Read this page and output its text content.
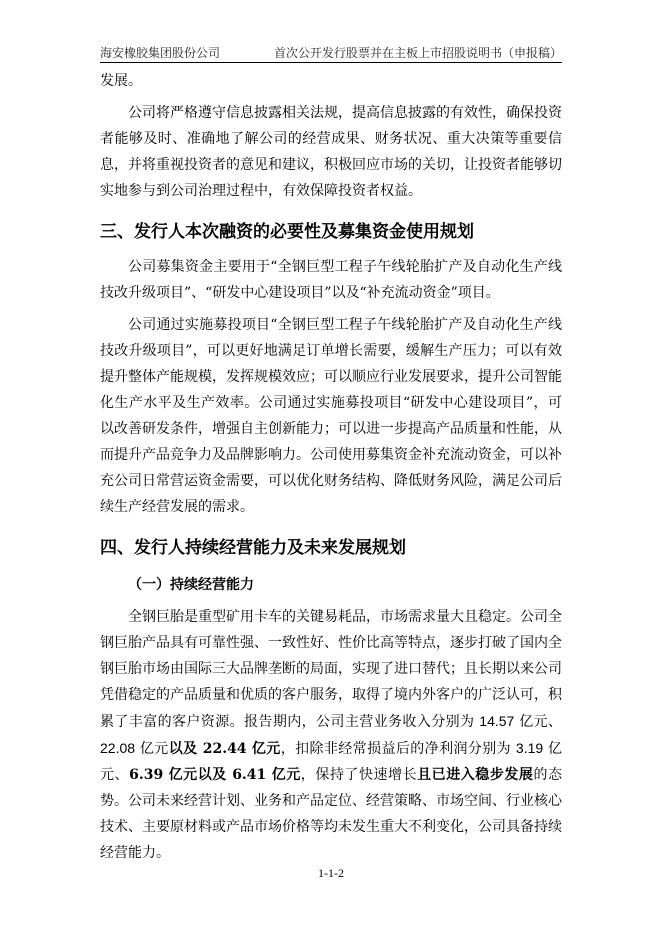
海安橡胶集团股份公司	首次公开发行股票并在主板上市招股说明书（申报稿）

发展。

公司将严格遵守信息披露相关法规，提高信息披露的有效性，确保投资者能够及时、准确地了解公司的经营成果、财务状况、重大决策等重要信息，并将重视投资者的意见和建议，积极回应市场的关切，让投资者能够切实地参与到公司治理过程中，有效保障投资者权益。

三、发行人本次融资的必要性及募集资金使用规划

公司募集资金主要用于“全钢巨型工程子午线轮胎扩产及自动化生产线技改升级项目”、“研发中心建设项目”以及“补充流动资金”项目。

公司通过实施募投项目“全钢巨型工程子午线轮胎扩产及自动化生产线技改升级项目”，可以更好地满足订单增长需要，缓解生产压力；可以有效提升整体产能规模，发挥规模效应；可以顺应行业发展要求，提升公司智能化生产水平及生产效率。公司通过实施募投项目“研发中心建设项目”，可以改善研发条件，增强自主创新能力；可以进一步提高产品质量和性能，从而提升产品竞争力及品牌影响力。公司使用募集资金补充流动资金，可以补充公司日常营运资金需要，可以优化财务结构、降低财务风险，满足公司后续生产经营发展的需求。

四、发行人持续经营能力及未来发展规划
（一）持续经营能力

全钢巨胎是重型矿用卡车的关键易耗品，市场需求量大且稳定。公司全钢巨胎产品具有可靠性强、一致性好、性价比高等特点，逐步打破了国内全钢巨胎市场由国际三大品牌垄断的局面，实现了进口替代；且长期以来公司凭借稳定的产品质量和优质的客户服务，取得了境内外客户的广泛认可，积累了丰富的客户资源。报告期内，公司主营业务收入分别为 14.57 亿元、22.08 亿元以及 22.44 亿元，扣除非经常损益后的净利润分别为 3.19 亿元、6.39 亿元以及 6.41 亿元，保持了快速增长且已进入稳步发展的态势。公司未来经营计划、业务和产品定位、经营策略、市场空间、行业核心技术、主要原材料或产品市场价格等均未发生重大不利变化，公司具备持续经营能力。

1-1-2
